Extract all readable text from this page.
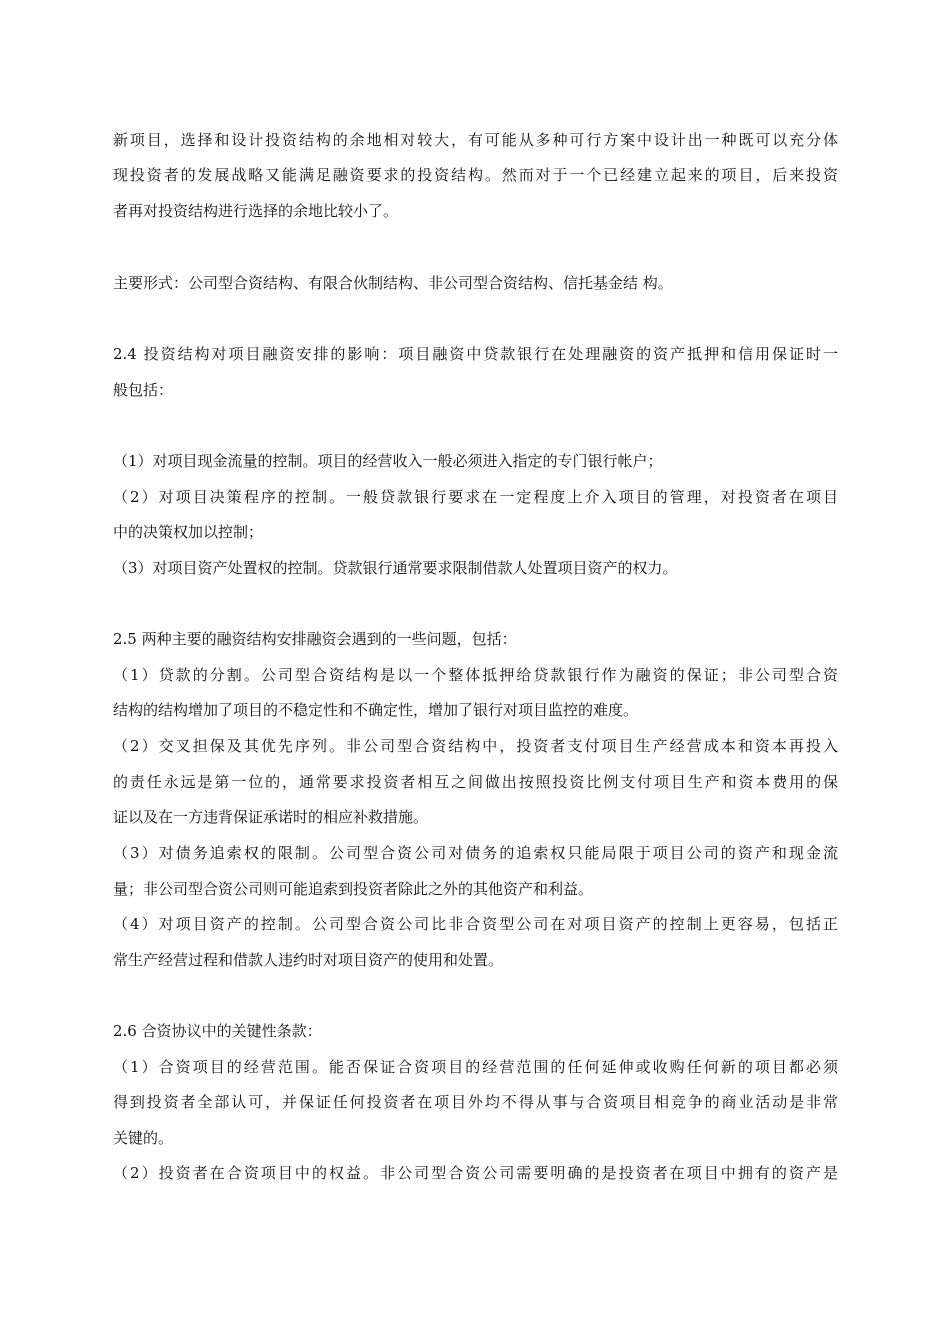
新项目，选择和设计投资结构的余地相对较大，有可能从多种可行方案中设计出一种既可以充分体
现投资者的发展战略又能满足融资要求的投资结构。然而对于一个已经建立起来的项目，后来投资
者再对投资结构进行选择的余地比较小了。
主要形式：公司型合资结构、有限合伙制结构、非公司型合资结构、信托基金结 构。
2.4 投资结构对项目融资安排的影响：项目融资中贷款银行在处理融资的资产抵押和信用保证时一
般包括：
（1）对项目现金流量的控制。项目的经营收入一般必须进入指定的专门银行帐户；
（2）对项目决策程序的控制。一般贷款银行要求在一定程度上介入项目的管理，对投资者在项目
中的决策权加以控制；
（3）对项目资产处置权的控制。贷款银行通常要求限制借款人处置项目资产的权力。
2.5 两种主要的融资结构安排融资会遇到的一些问题，包括：
（1）贷款的分割。公司型合资结构是以一个整体抵押给贷款银行作为融资的保证；非公司型合资
结构的结构增加了项目的不稳定性和不确定性，增加了银行对项目监控的难度。
（2）交叉担保及其优先序列。非公司型合资结构中，投资者支付项目生产经营成本和资本再投入
的责任永远是第一位的，通常要求投资者相互之间做出按照投资比例支付项目生产和资本费用的保
证以及在一方违背保证承诺时的相应补救措施。
（3）对债务追索权的限制。公司型合资公司对债务的追索权只能局限于项目公司的资产和现金流
量；非公司型合资公司则可能追索到投资者除此之外的其他资产和利益。
（4）对项目资产的控制。公司型合资公司比非合资型公司在对项目资产的控制上更容易，包括正
常生产经营过程和借款人违约时对项目资产的使用和处置。
2.6 合资协议中的关键性条款：
（1）合资项目的经营范围。能否保证合资项目的经营范围的任何延伸或收购任何新的项目都必须
得到投资者全部认可，并保证任何投资者在项目外均不得从事与合资项目相竞争的商业活动是非常
关键的。
（2）投资者在合资项目中的权益。非公司型合资公司需要明确的是投资者在项目中拥有的资产是
